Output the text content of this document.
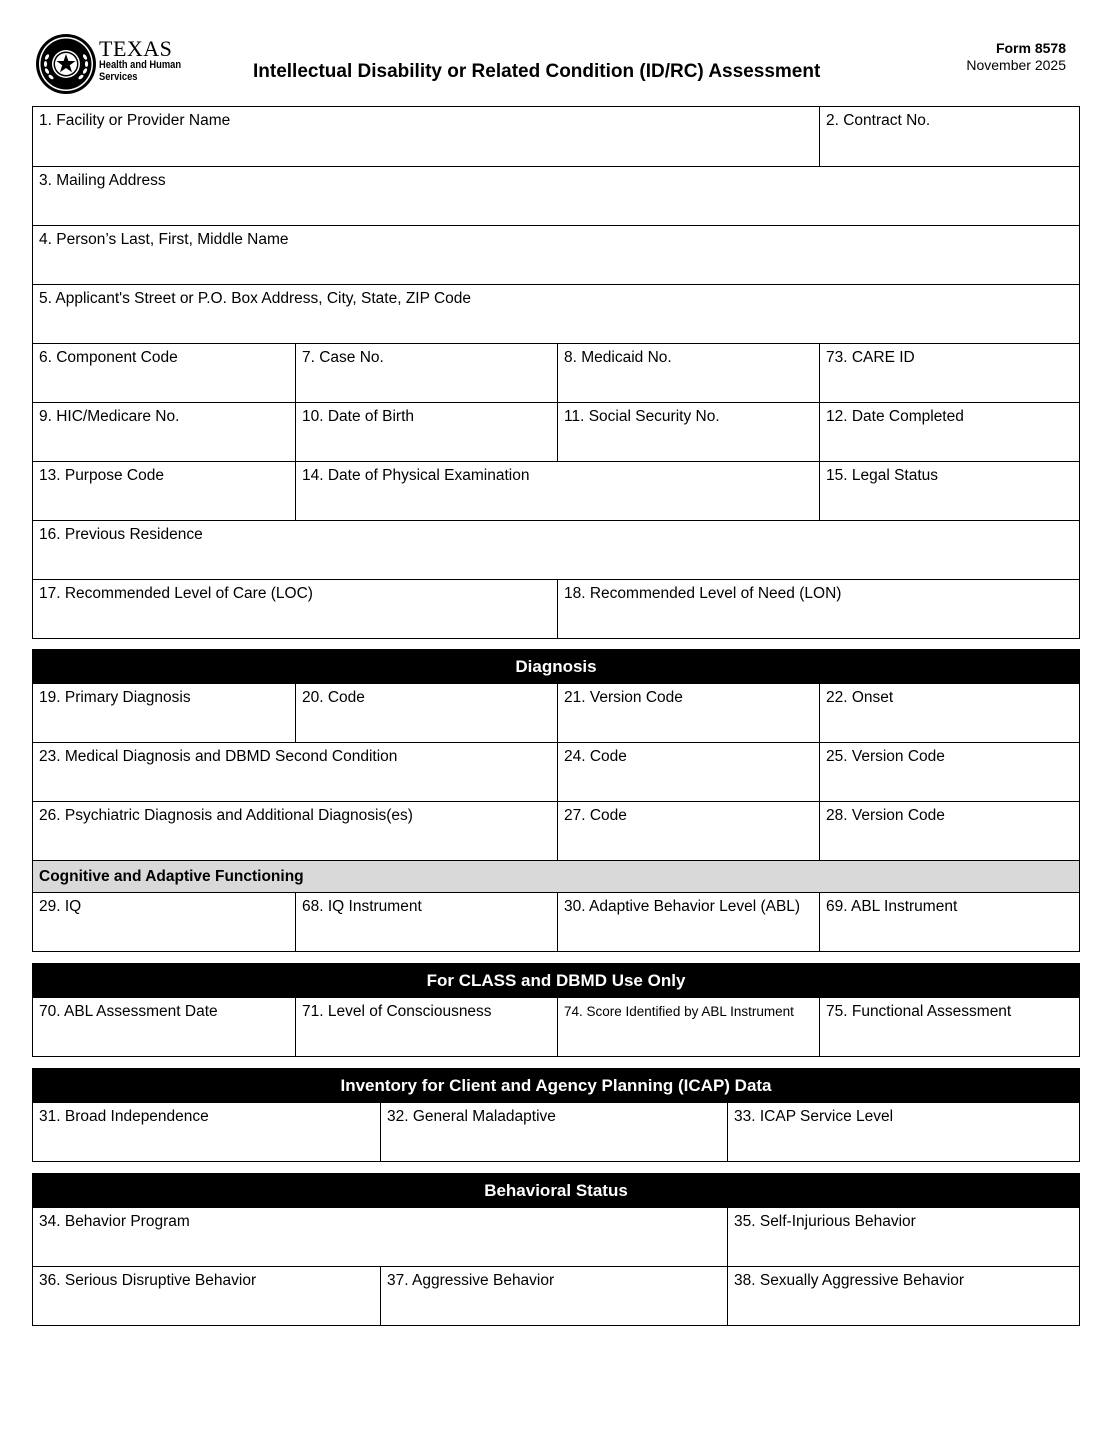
TEXAS
Health and Human
Services	Intellectual Disability or Related Condition (ID/RC) Assessment
Form 8578
November 2025
1. Facility or Provider Name	2. Contract No.
3. Mailing Address
4. Person’s Last, First, Middle Name
5. Applicant's Street or P.O. Box Address, City, State, ZIP Code
6. Component Code	7. Case No.	8. Medicaid No.	73. CARE ID
9. HIC/Medicare No.	10. Date of Birth	11. Social Security No.	12. Date Completed
13. Purpose Code	14. Date of Physical Examination	15. Legal Status
16. Previous Residence
17. Recommended Level of Care (LOC)	18. Recommended Level of Need (LON)
Diagnosis
19. Primary Diagnosis	20. Code	21. Version Code	22. Onset
23. Medical Diagnosis and DBMD Second Condition	24. Code	25. Version Code
26. Psychiatric Diagnosis and Additional Diagnosis(es)	27. Code	28. Version Code
Cognitive and Adaptive Functioning
29. IQ	68. IQ Instrument	30. Adaptive Behavior Level (ABL)	69. ABL Instrument
For CLASS and DBMD Use Only
70. ABL Assessment Date	71. Level of Consciousness	74. Score Identified by ABL Instrument	75. Functional Assessment
Inventory for Client and Agency Planning (ICAP) Data
31. Broad Independence	32. General Maladaptive	33. ICAP Service Level
Behavioral Status
34. Behavior Program	35. Self-Injurious Behavior
36. Serious Disruptive Behavior	37. Aggressive Behavior	38. Sexually Aggressive Behavior
